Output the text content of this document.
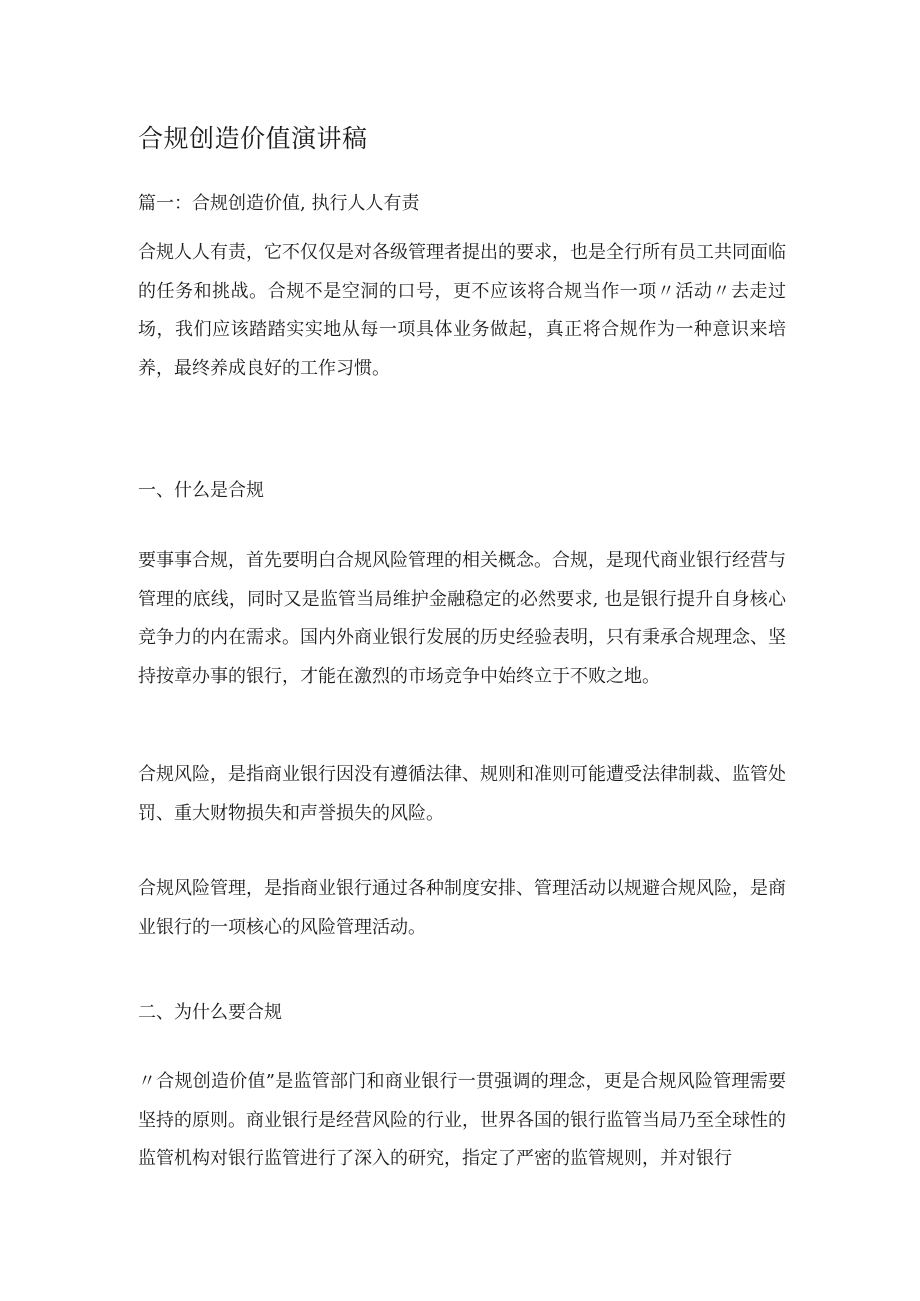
合规创造价值演讲稿

篇一：合规创造价值, 执行人人有责

合规人人有责，它不仅仅是对各级管理者提出的要求，也是全行所有员工共同面临的任务和挑战。合规不是空洞的口号，更不应该将合规当作一项〃活动〃去走过场，我们应该踏踏实实地从每一项具体业务做起，真正将合规作为一种意识来培养，最终养成良好的工作习惯。

一、什么是合规

要事事合规，首先要明白合规风险管理的相关概念。合规，是现代商业银行经营与管理的底线，同时又是监管当局维护金融稳定的必然要求, 也是银行提升自身核心竞争力的内在需求。国内外商业银行发展的历史经验表明，只有秉承合规理念、坚持按章办事的银行，才能在激烈的市场竞争中始终立于不败之地。

合规风险，是指商业银行因没有遵循法律、规则和准则可能遭受法律制裁、监管处罚、重大财物损失和声誉损失的风险。

合规风险管理，是指商业银行通过各种制度安排、管理活动以规避合规风险，是商业银行的一项核心的风险管理活动。

二、为什么要合规

〃合规创造价值”是监管部门和商业银行一贯强调的理念，更是合规风险管理需要坚持的原则。商业银行是经营风险的行业，世界各国的银行监管当局乃至全球性的监管机构对银行监管进行了深入的研究，指定了严密的监管规则，并对银行
